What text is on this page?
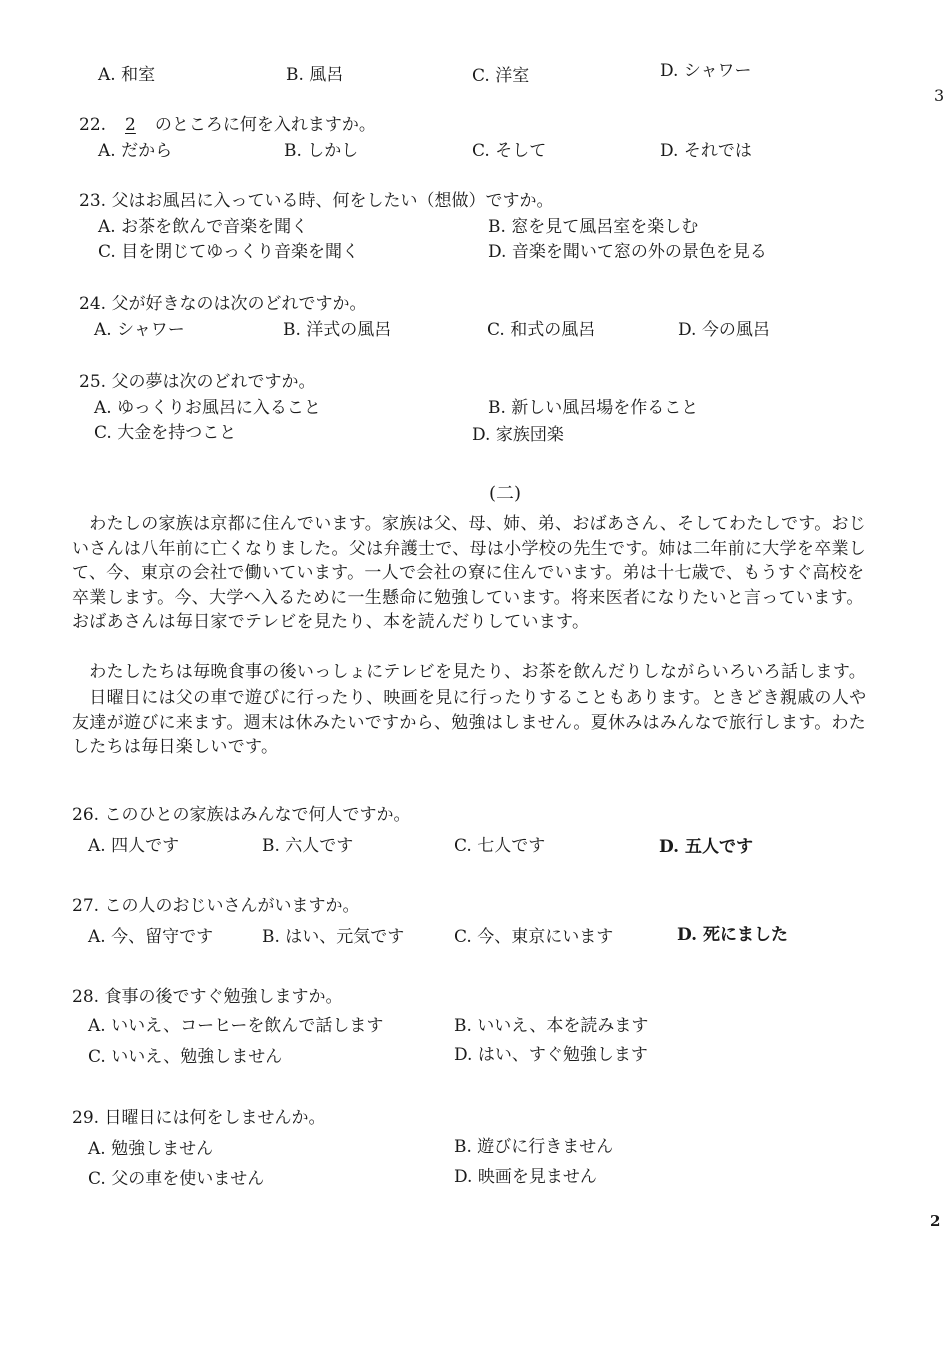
3
2
A. 和室	B. 風呂	C. 洋室	D. シャワー
22. 2 のところに何を入れますか。
A. だから	B. しかし	C. そして	D. それでは
23. 父はお風呂に入っている時、何をしたい（想做）ですか。
A. お茶を飲んで音楽を聞く	B. 窓を見て風呂室を楽しむ
C. 目を閉じてゆっくり音楽を聞く	D. 音楽を聞いて窓の外の景色を見る
24. 父が好きなのは次のどれですか。
A. シャワー	B. 洋式の風呂	C. 和式の風呂	D. 今の風呂
25. 父の夢は次のどれですか。
A. ゆっくりお風呂に入ること	B. 新しい風呂場を作ること
C. 大金を持つこと	D. 家族団楽
(二)
　わたしの家族は京都に住んでいます。家族は父、母、姉、弟、おばあさん、そしてわたしです。おじ
いさんは八年前に亡くなりました。父は弁護士で、母は小学校の先生です。姉は二年前に大学を卒業し
て、今、東京の会社で働いています。一人で会社の寮に住んでいます。弟は十七歳で、もうすぐ高校を
卒業します。今、大学へ入るために一生懸命に勉強しています。将来医者になりたいと言っています。
おばあさんは毎日家でテレビを見たり、本を読んだりしています。
　わたしたちは毎晩食事の後いっしょにテレビを見たり、お茶を飲んだりしながらいろいろ話します。
　日曜日には父の車で遊びに行ったり、映画を見に行ったりすることもあります。ときどき親戚の人や
友達が遊びに来ます。週末は休みたいですから、勉強はしません。夏休みはみんなで旅行します。わた
したちは毎日楽しいです。
26. このひとの家族はみんなで何人ですか。
A. 四人です	B. 六人です	C. 七人です	D. 五人です
27. この人のおじいさんがいますか。
A. 今、留守です	B. はい、元気です	C. 今、東京にいます	D. 死にました
28. 食事の後ですぐ勉強しますか。
A. いいえ、コーヒーを飲んで話します	B. いいえ、本を読みます
C. いいえ、勉強しません	D. はい、すぐ勉強します
29. 日曜日には何をしませんか。
A. 勉強しません	B. 遊びに行きません
C. 父の車を使いません	D. 映画を見ません
